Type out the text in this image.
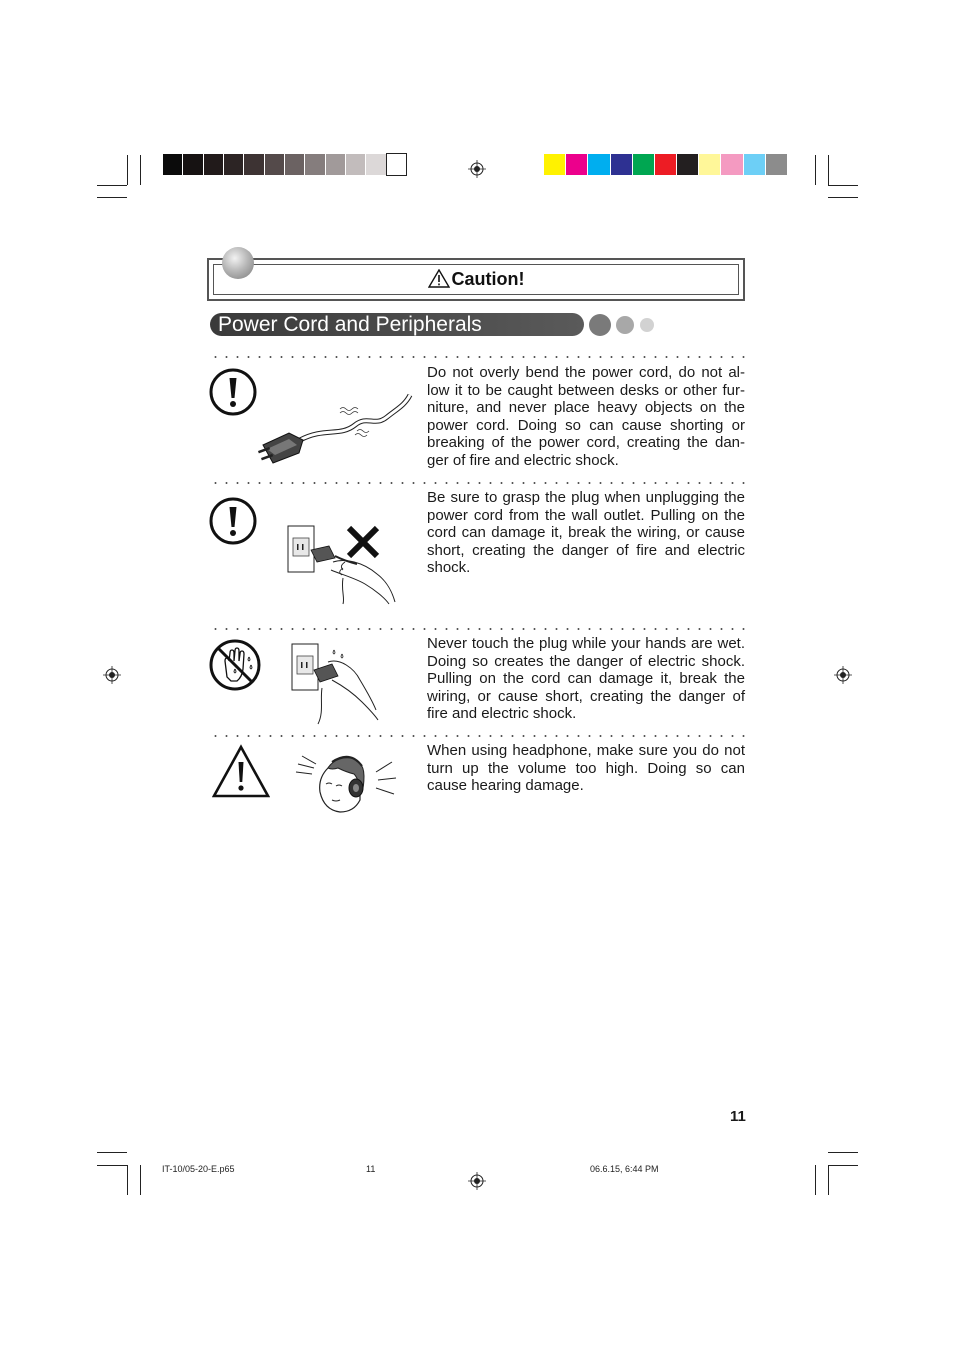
Caution!
Power Cord and Peripherals
Do not overly bend the power cord, do not al-low it to be caught between desks or other fur-niture, and never place heavy objects on the power cord. Doing so can cause shorting or breaking of the power cord, creating the dan-ger of fire and electric shock.
Be sure to grasp the plug when unplugging the power cord from the wall outlet. Pulling on the cord can damage it, break the wiring, or cause short, creating the danger of fire and electric shock.
Never touch the plug while your hands are wet. Doing so creates the danger of electric shock. Pulling on the cord can damage it, break the wiring, or cause short, creating the danger of fire and electric shock.
When using headphone, make sure you do not turn up the volume too high. Doing so can cause hearing damage.
11
IT-10/05-20-E.p65	11	06.6.15, 6:44 PM
